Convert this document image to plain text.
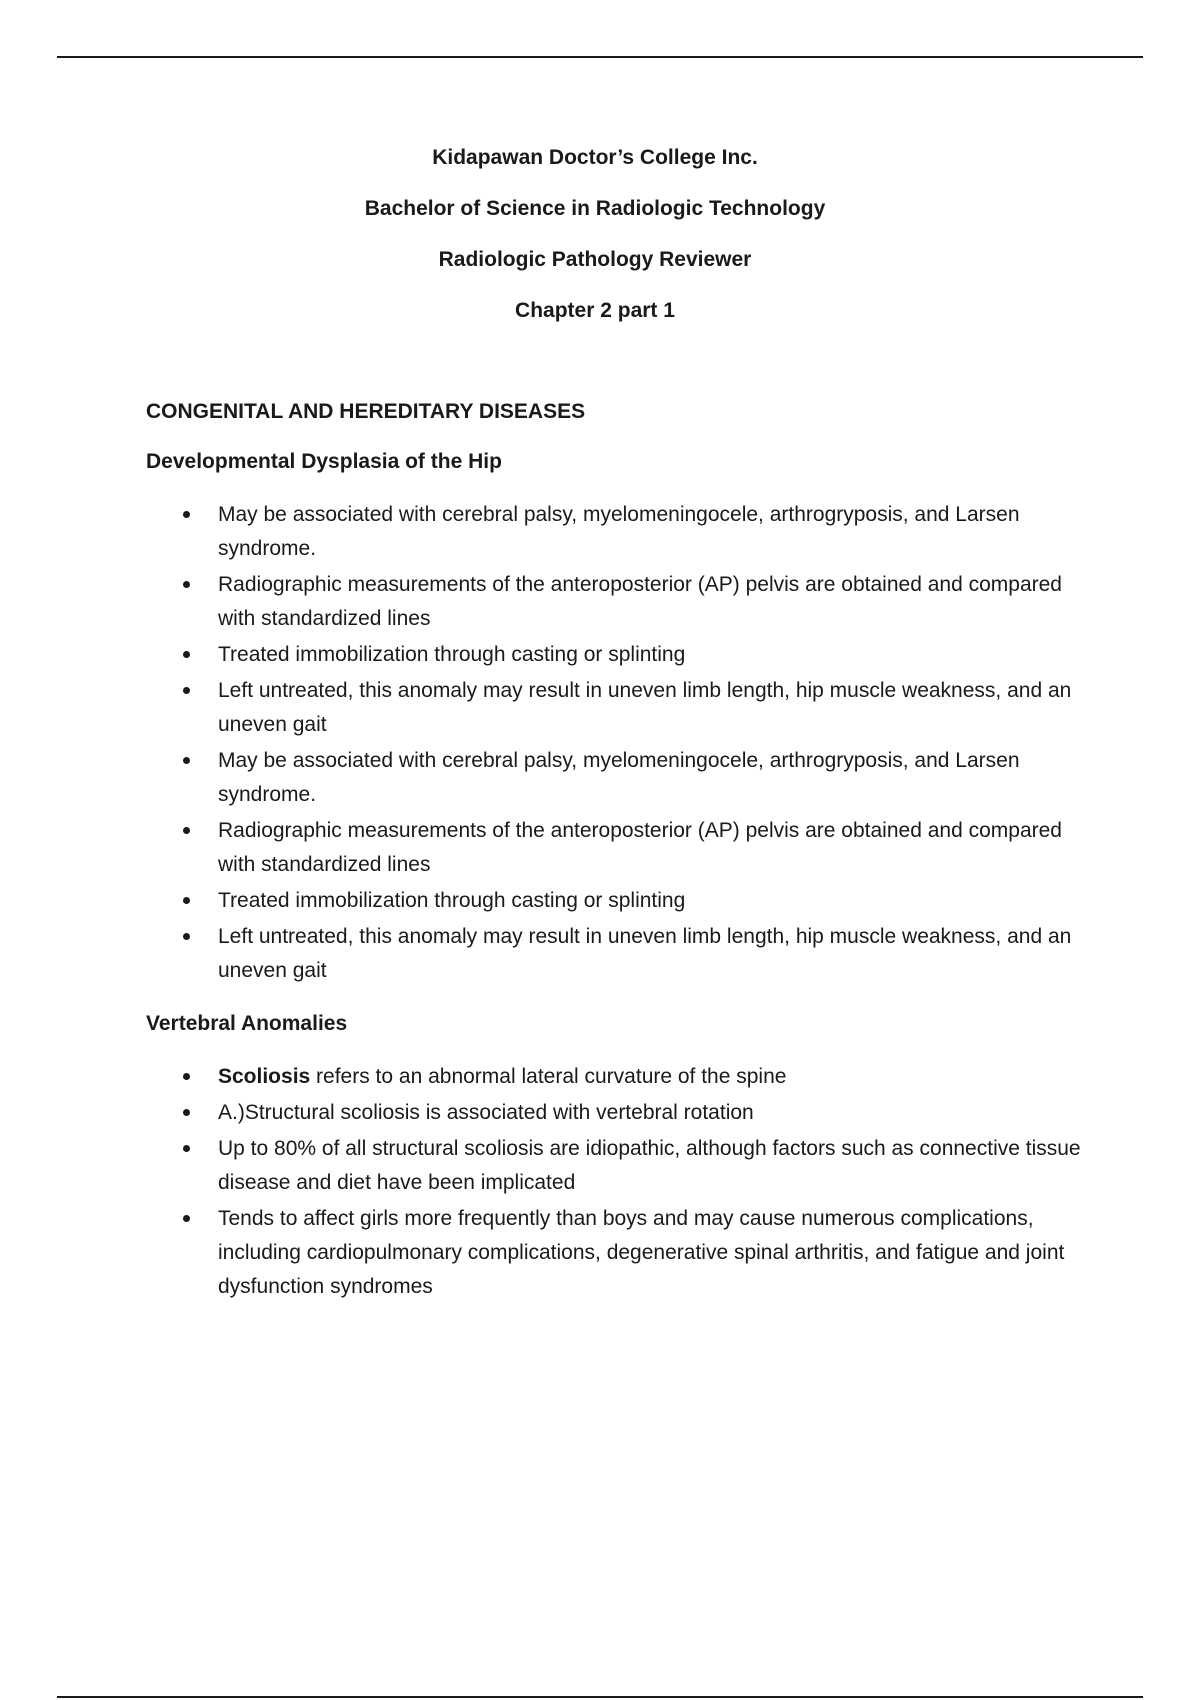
Kidapawan Doctor’s College Inc.
Bachelor of Science in Radiologic Technology
Radiologic Pathology Reviewer
Chapter 2 part 1
CONGENITAL AND HEREDITARY DISEASES
Developmental Dysplasia of the Hip
May be associated with cerebral palsy, myelomeningocele, arthrogryposis, and Larsen syndrome.
Radiographic measurements of the anteroposterior (AP) pelvis are obtained and compared with standardized lines
Treated immobilization through casting or splinting
Left untreated, this anomaly may result in uneven limb length, hip muscle weakness, and an uneven gait
May be associated with cerebral palsy, myelomeningocele, arthrogryposis, and Larsen syndrome.
Radiographic measurements of the anteroposterior (AP) pelvis are obtained and compared with standardized lines
Treated immobilization through casting or splinting
Left untreated, this anomaly may result in uneven limb length, hip muscle weakness, and an uneven gait
Vertebral Anomalies
Scoliosis refers to an abnormal lateral curvature of the spine
A.)Structural scoliosis is associated with vertebral rotation
Up to 80% of all structural scoliosis are idiopathic, although factors such as connective tissue disease and diet have been implicated
Tends to affect girls more frequently than boys and may cause numerous complications, including cardiopulmonary complications, degenerative spinal arthritis, and fatigue and joint dysfunction syndromes
